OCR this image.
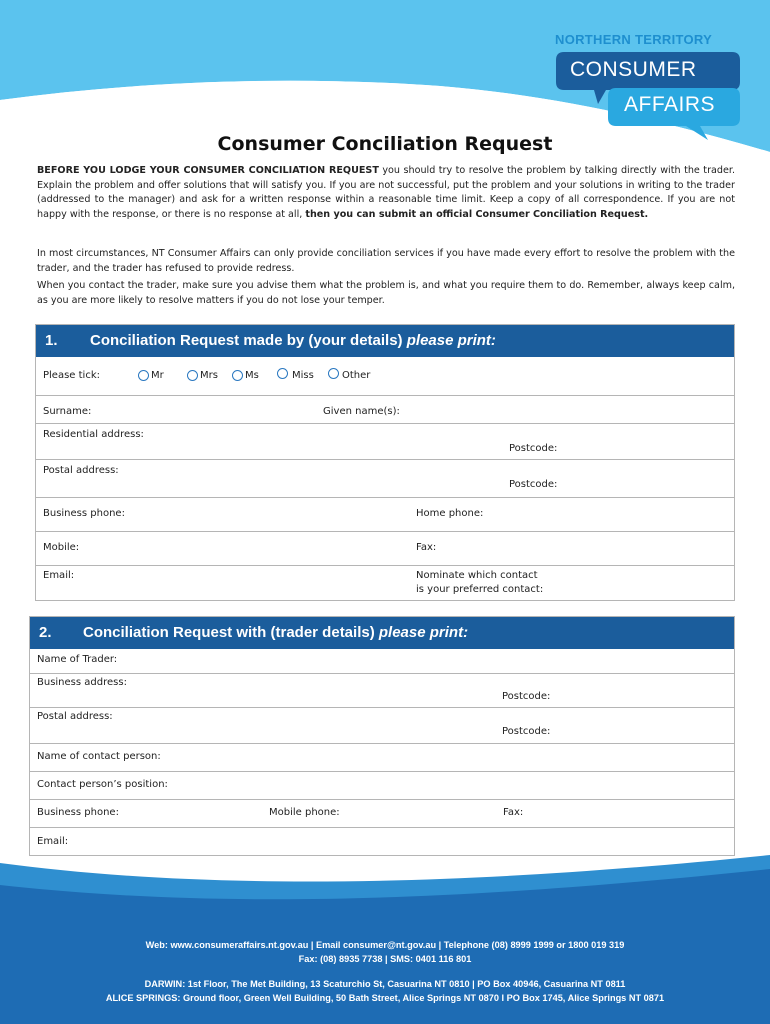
NORTHERN TERRITORY
CONSUMER
AFFAIRS
Consumer Conciliation Request
BEFORE YOU LODGE YOUR CONSUMER CONCILIATION REQUEST you should try to resolve the problem by talking directly with the trader. Explain the problem and offer solutions that will satisfy you. If you are not successful, put the problem and your solutions in writing to the trader (addressed to the manager) and ask for a written response within a reasonable time limit. Keep a copy of all correspondence. If you are not happy with the response, or there is no response at all, then you can submit an official Consumer Conciliation Request.
In most circumstances, NT Consumer Affairs can only provide conciliation services if you have made every effort to resolve the problem with the trader, and the trader has refused to provide redress.
When you contact the trader, make sure you advise them what the problem is, and what you require them to do. Remember, always keep calm, as you are more likely to resolve matters if you do not lose your temper.
1. Conciliation Request made by (your details) please print:
Please tick:	Mr	Mrs	Ms	Miss	Other
Surname:	Given name(s):
Residential address:
Postcode:
Postal address:
Postcode:
Business phone:	Home phone:
Mobile:	Fax:
Email:	Nominate which contact
is your preferred contact:
2. Conciliation Request with (trader details) please print:
Name of Trader:
Business address:
Postcode:
Postal address:
Postcode:
Name of contact person:
Contact person’s position:
Business phone:	Mobile phone:	Fax:
Email:
Web: www.consumeraffairs.nt.gov.au | Email consumer@nt.gov.au | Telephone (08) 8999 1999 or 1800 019 319
Fax: (08) 8935 7738 | SMS: 0401 116 801
DARWIN: 1st Floor, The Met Building, 13 Scaturchio St, Casuarina NT 0810 | PO Box 40946, Casuarina NT 0811
ALICE SPRINGS: Ground floor, Green Well Building, 50 Bath Street, Alice Springs NT 0870 I PO Box 1745, Alice Springs NT 0871
